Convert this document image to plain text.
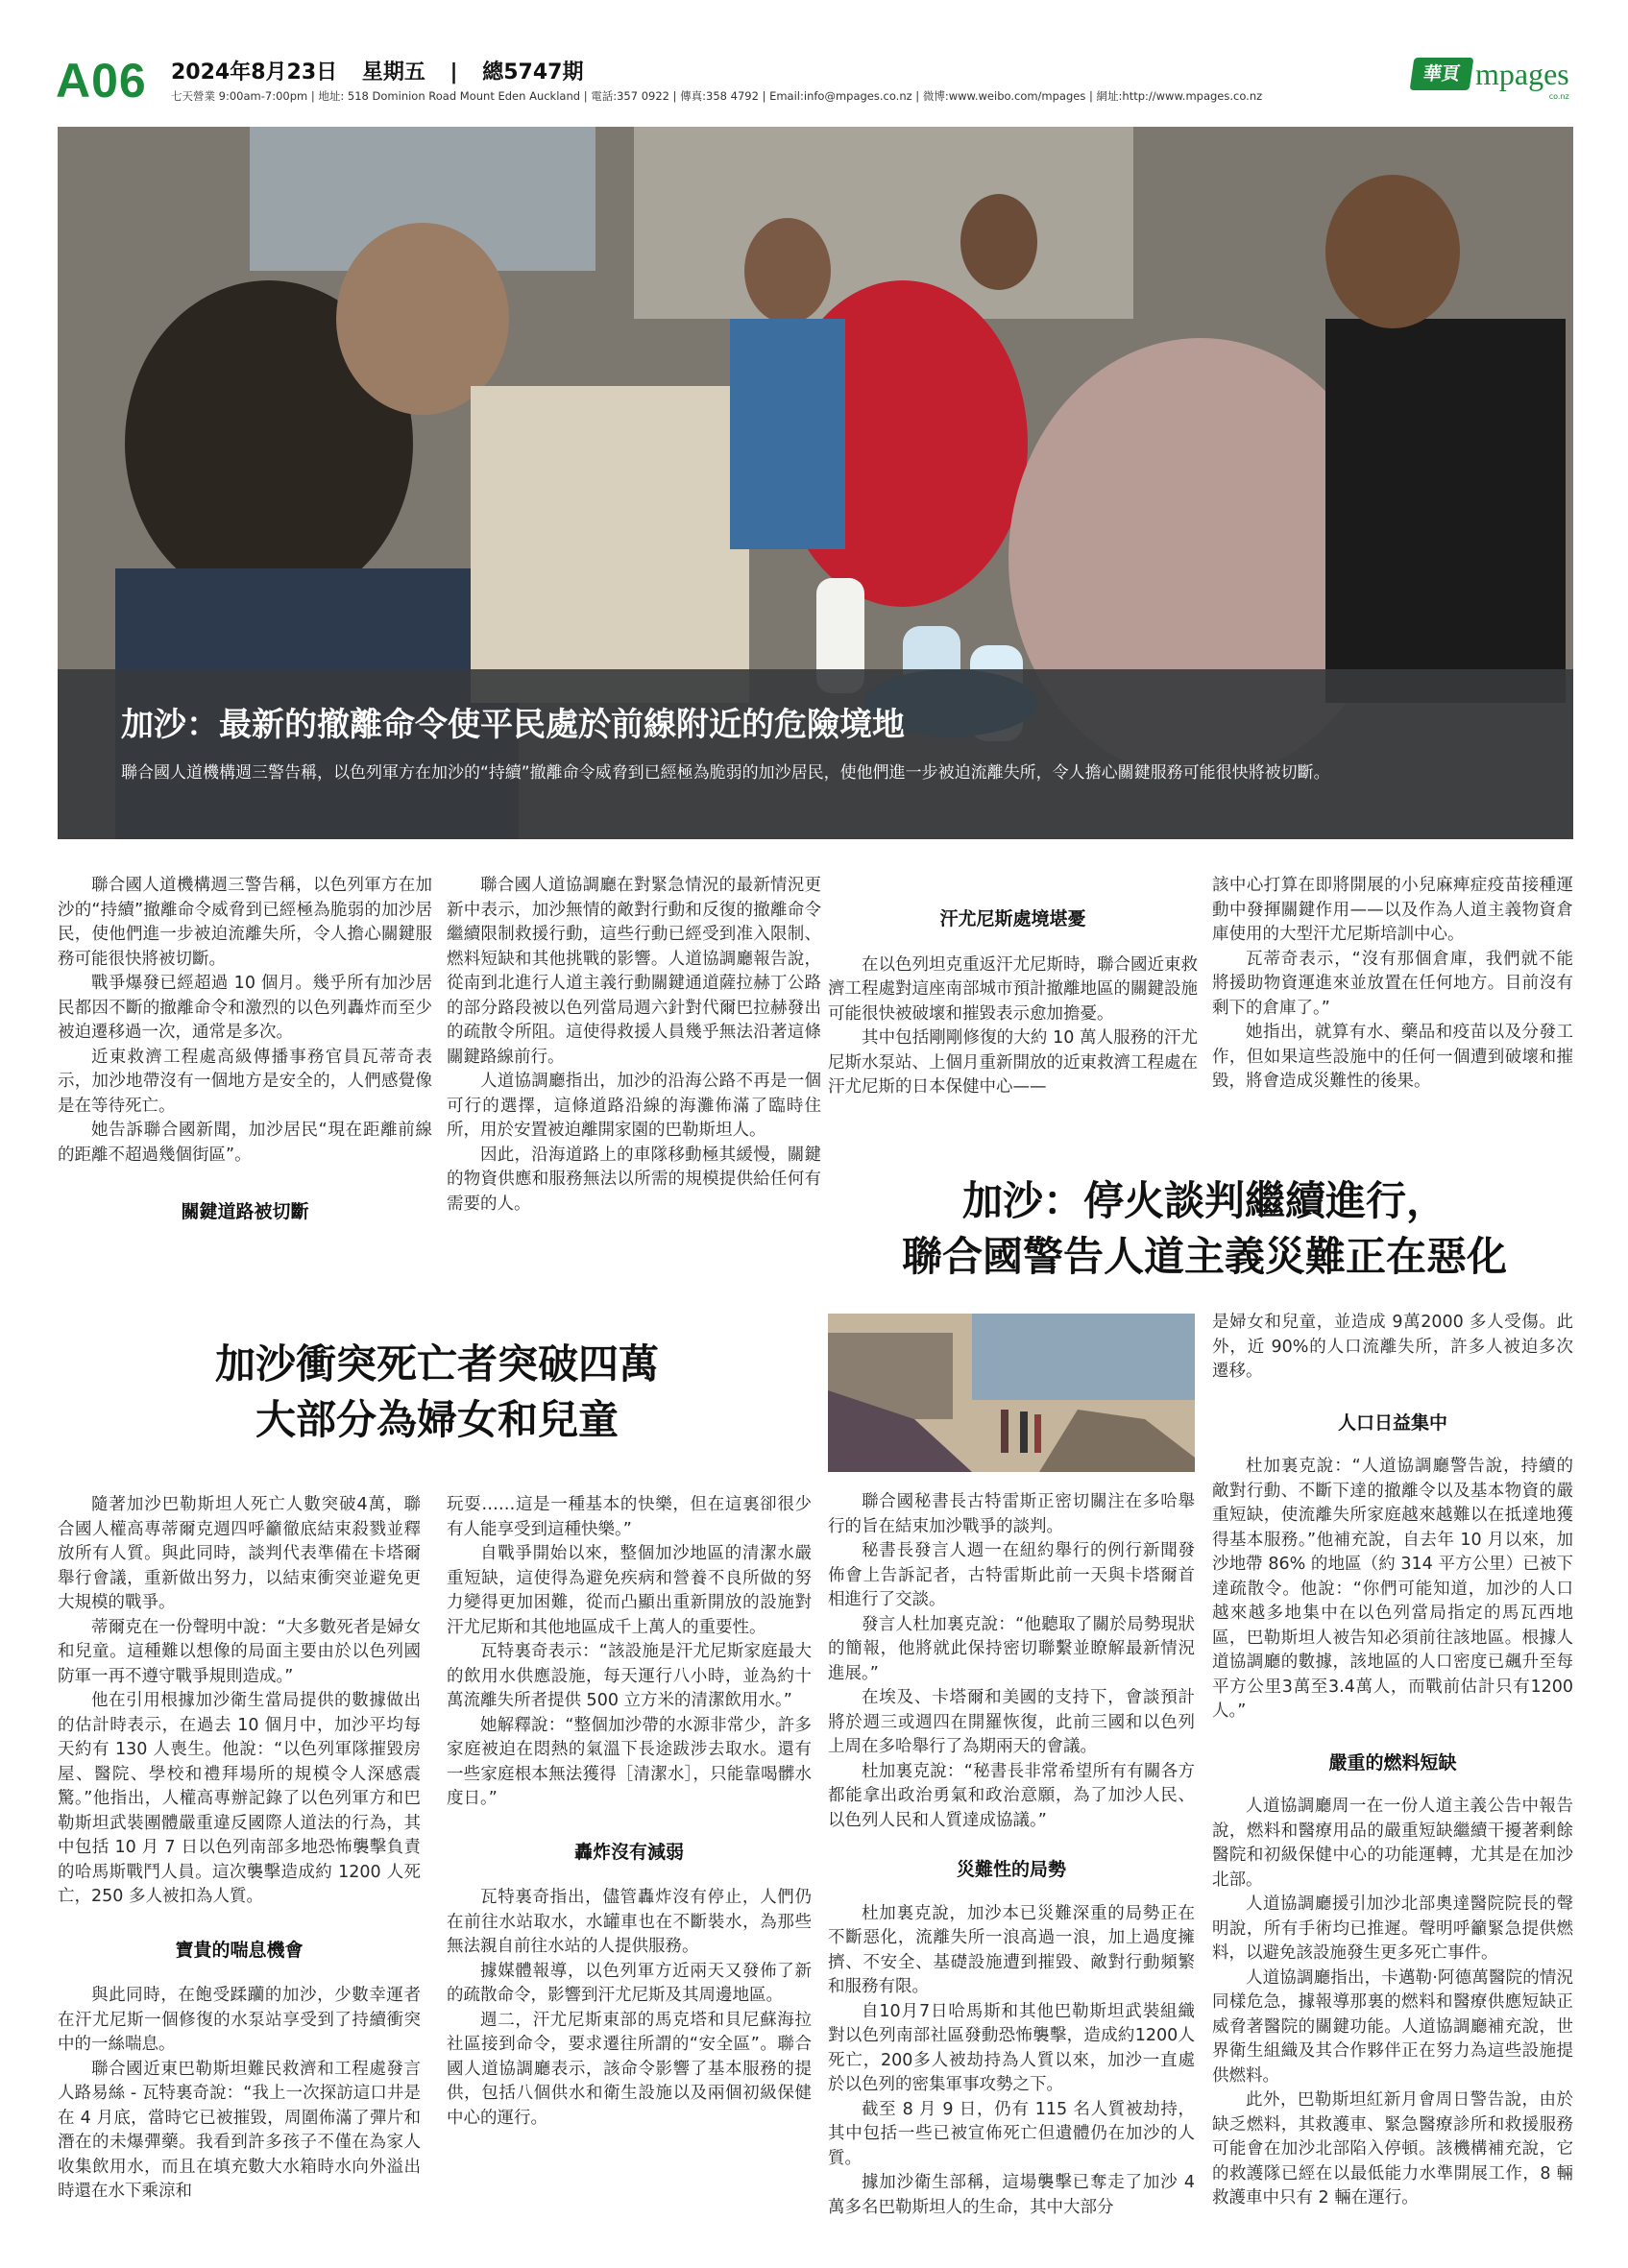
A06 2024年8月23日 星期五 | 總5747期
七天營業 9:00am-7:00pm | 地址: 518 Dominion Road Mount Eden Auckland | 電話:357 0922 | 傳真:358 4792 | Email:info@mpages.co.nz | 微博:www.weibo.com/mpages | 網址:http://www.mpages.co.nz
華頁 mpages
co.nz
加沙：最新的撤離命令使平民處於前線附近的危險境地
聯合國人道機構週三警告稱，以色列軍方在加沙的“持續”撤離命令威脅到已經極為脆弱的加沙居民，使他們進一步被迫流離失所，令人擔心關鍵服務可能很快將被切斷。

聯合國人道機構週三警告稱，以色列軍方在加沙的“持續”撤離命令威脅到已經極為脆弱的加沙居民，使他們進一步被迫流離失所，令人擔心關鍵服務可能很快將被切斷。

戰爭爆發已經超過 10 個月。幾乎所有加沙居民都因不斷的撤離命令和激烈的以色列轟炸而至少被迫遷移過一次，通常是多次。

近東救濟工程處高級傳播事務官員瓦蒂奇表示，加沙地帶沒有一個地方是安全的，人們感覺像是在等待死亡。

她告訴聯合國新聞，加沙居民“現在距離前線的距離不超過幾個街區”。

關鍵道路被切斷

聯合國人道協調廳在對緊急情況的最新情況更新中表示，加沙無情的敵對行動和反復的撤離命令繼續限制救援行動，這些行動已經受到准入限制、燃料短缺和其他挑戰的影響。人道協調廳報告說，從南到北進行人道主義行動關鍵通道薩拉赫丁公路的部分路段被以色列當局週六針對代爾巴拉赫發出的疏散令所阻。這使得救援人員幾乎無法沿著這條關鍵路線前行。

人道協調廳指出，加沙的沿海公路不再是一個可行的選擇，這條道路沿線的海灘佈滿了臨時住所，用於安置被迫離開家園的巴勒斯坦人。

因此，沿海道路上的車隊移動極其緩慢，關鍵的物資供應和服務無法以所需的規模提供給任何有需要的人。

汗尤尼斯處境堪憂

在以色列坦克重返汗尤尼斯時，聯合國近東救濟工程處對這座南部城市預計撤離地區的關鍵設施可能很快被破壞和摧毀表示愈加擔憂。

其中包括剛剛修復的大約 10 萬人服務的汗尤尼斯水泵站、上個月重新開放的近東救濟工程處在汗尤尼斯的日本保健中心——

該中心打算在即將開展的小兒麻痺症疫苗接種運動中發揮關鍵作用——以及作為人道主義物資倉庫使用的大型汗尤尼斯培訓中心。

瓦蒂奇表示，“沒有那個倉庫，我們就不能將援助物資運進來並放置在任何地方。目前沒有剩下的倉庫了。”

她指出，就算有水、藥品和疫苗以及分發工作，但如果這些設施中的任何一個遭到破壞和摧毀，將會造成災難性的後果。

加沙：停火談判繼續進行，
聯合國警告人道主義災難正在惡化
加沙衝突死亡者突破四萬
大部分為婦女和兒童

隨著加沙巴勒斯坦人死亡人數突破4萬，聯合國人權高專蒂爾克週四呼籲徹底結束殺戮並釋放所有人質。與此同時，談判代表準備在卡塔爾舉行會議，重新做出努力，以結束衝突並避免更大規模的戰爭。

蒂爾克在一份聲明中說：“大多數死者是婦女和兒童。這種難以想像的局面主要由於以色列國防軍一再不遵守戰爭規則造成。”

他在引用根據加沙衛生當局提供的數據做出的估計時表示，在過去 10 個月中，加沙平均每天約有 130 人喪生。他說：“以色列軍隊摧毀房屋、醫院、學校和禮拜場所的規模令人深感震驚。”他指出，人權高專辦記錄了以色列軍方和巴勒斯坦武裝團體嚴重違反國際人道法的行為，其中包括 10 月 7 日以色列南部多地恐怖襲擊負責的哈馬斯戰鬥人員。這次襲擊造成約 1200 人死亡，250 多人被扣為人質。

寶貴的喘息機會

與此同時，在飽受蹂躪的加沙，少數幸運者在汗尤尼斯一個修復的水泵站享受到了持續衝突中的一絲喘息。

聯合國近東巴勒斯坦難民救濟和工程處發言人路易絲 - 瓦特裏奇說：“我上一次探訪這口井是在 4 月底，當時它已被摧毀，周圍佈滿了彈片和潛在的未爆彈藥。我看到許多孩子不僅在為家人收集飲用水，而且在填充數大水箱時水向外溢出時還在水下乘涼和

玩耍……這是一種基本的快樂，但在這裏卻很少有人能享受到這種快樂。”

自戰爭開始以來，整個加沙地區的清潔水嚴重短缺，這使得為避免疾病和營養不良所做的努力變得更加困難，從而凸顯出重新開放的設施對汗尤尼斯和其他地區成千上萬人的重要性。

瓦特裏奇表示：“該設施是汗尤尼斯家庭最大的飲用水供應設施，每天運行八小時，並為約十萬流離失所者提供 500 立方米的清潔飲用水。”

她解釋說：“整個加沙帶的水源非常少，許多家庭被迫在悶熱的氣溫下長途跋涉去取水。還有一些家庭根本無法獲得［清潔水］，只能靠喝髒水度日。”

轟炸沒有減弱

瓦特裏奇指出，儘管轟炸沒有停止，人們仍在前往水站取水，水罐車也在不斷裝水，為那些無法親自前往水站的人提供服務。

據媒體報導，以色列軍方近兩天又發佈了新的疏散命令，影響到汗尤尼斯及其周邊地區。

週二，汗尤尼斯東部的馬克塔和貝尼蘇海拉社區接到命令，要求遷往所謂的“安全區”。聯合國人道協調廳表示，該命令影響了基本服務的提供，包括八個供水和衛生設施以及兩個初級保健中心的運行。

聯合國秘書長古特雷斯正密切關注在多哈舉行的旨在結束加沙戰爭的談判。

秘書長發言人週一在紐約舉行的例行新聞發佈會上告訴記者，古特雷斯此前一天與卡塔爾首相進行了交談。

發言人杜加裏克說：“他聽取了關於局勢現狀的簡報，他將就此保持密切聯繫並瞭解最新情況進展。”

在埃及、卡塔爾和美國的支持下，會談預計將於週三或週四在開羅恢復，此前三國和以色列上周在多哈舉行了為期兩天的會議。

杜加裏克說：“秘書長非常希望所有有關各方都能拿出政治勇氣和政治意願，為了加沙人民、以色列人民和人質達成協議。”

災難性的局勢

杜加裏克說，加沙本已災難深重的局勢正在不斷惡化，流離失所一浪高過一浪，加上過度擁擠、不安全、基礎設施遭到摧毀、敵對行動頻繁和服務有限。

自10月7日哈馬斯和其他巴勒斯坦武裝組織對以色列南部社區發動恐怖襲擊，造成約1200人死亡，200多人被劫持為人質以來，加沙一直處於以色列的密集軍事攻勢之下。

截至 8 月 9 日，仍有 115 名人質被劫持，其中包括一些已被宣佈死亡但遺體仍在加沙的人質。

據加沙衛生部稱，這場襲擊已奪走了加沙 4萬多名巴勒斯坦人的生命，其中大部分

是婦女和兒童，並造成 9萬2000 多人受傷。此外，近 90%的人口流離失所，許多人被迫多次遷移。

人口日益集中

杜加裏克說：“人道協調廳警告說，持續的敵對行動、不斷下達的撤離令以及基本物資的嚴重短缺，使流離失所家庭越來越難以在抵達地獲得基本服務。”他補充說，自去年 10 月以來，加沙地帶 86% 的地區（約 314 平方公里）已被下達疏散令。他說：“你們可能知道，加沙的人口越來越多地集中在以色列當局指定的馬瓦西地區，巴勒斯坦人被告知必須前往該地區。根據人道協調廳的數據，該地區的人口密度已飆升至每平方公里3萬至3.4萬人，而戰前估計只有1200人。”

嚴重的燃料短缺

人道協調廳周一在一份人道主義公告中報告說，燃料和醫療用品的嚴重短缺繼續干擾著剩餘醫院和初級保健中心的功能運轉，尤其是在加沙北部。

人道協調廳援引加沙北部奧達醫院院長的聲明說，所有手術均已推遲。聲明呼籲緊急提供燃料，以避免該設施發生更多死亡事件。

人道協調廳指出，卡邁勒·阿德萬醫院的情況同樣危急，據報導那裏的燃料和醫療供應短缺正威脅著醫院的關鍵功能。人道協調廳補充說，世界衛生組織及其合作夥伴正在努力為這些設施提供燃料。

此外，巴勒斯坦紅新月會周日警告說，由於缺乏燃料，其救護車、緊急醫療診所和救援服務可能會在加沙北部陷入停頓。該機構補充說，它的救護隊已經在以最低能力水準開展工作，8 輛救護車中只有 2 輛在運行。
